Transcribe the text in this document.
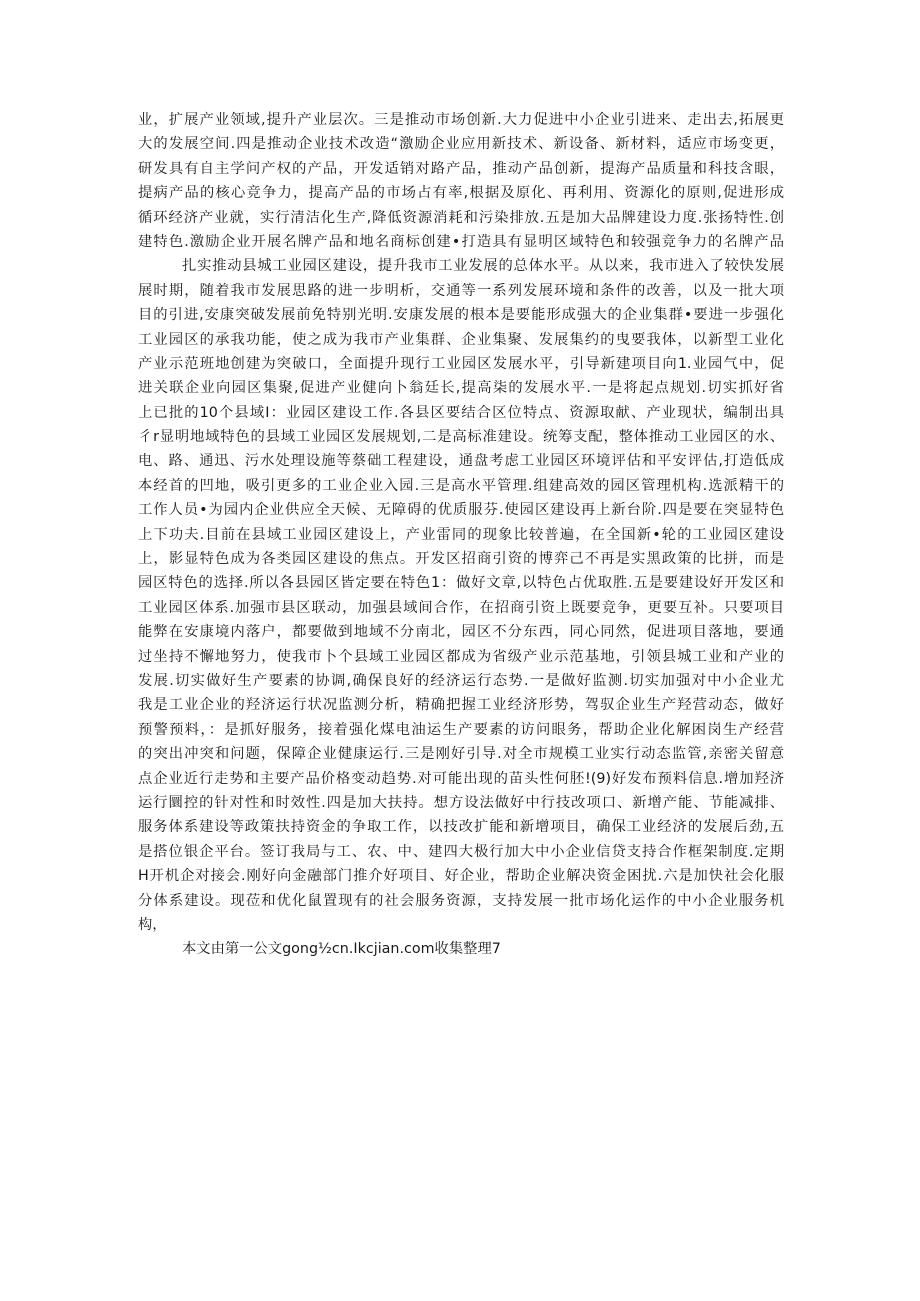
业，扩展产业领域,提升产业层次。三是推动市场创新.大力促进中小企业引进来、走出去,拓展更
大的发展空间.四是推动企业技术改造“激励企业应用新技术、新设备、新材料，适应市场变更，
研发具有自主学问产权的产品，开发适销对路产品，推动产品创新，提海产品质量和科技含眼，
提病产品的核心竞争力，提高产品的市场占有率,根据及原化、再利用、资源化的原则,促进形成
循环经济产业就，实行清洁化生产,降低资源消耗和污染排放.五是加大品牌建设力度.张扬特性.创
建特色.激励企业开展名牌产品和地名商标创建•打造具有显明区域特色和较强竞争力的名牌产品

扎实推动县城工业园区建设，提升我市工业发展的总体水平。从以来，我市进入了较快发展
展时期，随着我市发展思路的进一步明析，交通等一系列发展环境和条件的改善，以及一批大项
目的引进,安康突破发展前免特别光明.安康发展的根本是要能形成强大的企业集群•要进一步强化
工业园区的承我功能，使之成为我市产业集群、企业集聚、发展集约的曳要我体，以新型工业化
产业示范班地创建为突破口，全面提升现行工业园区发展水平，引导新建项目向1.业园气中，促
进关联企业向园区集聚,促进产业健向卜翁廷长,提高柒的发展水平.一是将起点规划.切实抓好省
上已批的10个县域I：业园区建设工作.各县区要结合区位特点、资源取献、产业现状，编制出具
彳r显明地域特色的县域工业园区发展规划,二是高标准建设。统筹支配，整体推动工业园区的水、
电、路、通迅、污水处理设施等蔡础工程建设，通盘考虑工业园区环境评估和平安评估,打造低成
本经首的凹地，吸引更多的工业企业入园.三是高水平管理.组建高效的园区管理机构.选派精干的
工作人员•为园内企业供应全天候、无障碍的优质服芬.使园区建设再上新台阶.四是要在突显特色
上下功夫.目前在县域工业园区建设上，产业雷同的现象比较普遍，在全国新•轮的工业园区建设
上，影显特色成为各类园区建设的焦点。开发区招商引资的博弈己不再是实黑政策的比拼，而是
园区特色的选择.所以各县园区皆定要在特色1：做好文章,以特色占优取胜.五是要建设好开发区和
工业园区体系.加强市县区联动，加强县域间合作，在招商引资上既要竞争，更要互补。只要项目
能弊在安康境内落户，都要做到地域不分南北，园区不分东西，同心同然，促进项目落地，要通
过坐持不懈地努力，使我市卜个县域工业园区都成为省级产业示范基地，引领县城工业和产业的
发展.切实做好生产要素的协调,确保良好的经济运行态势.一是做好监测.切实加强对中小企业尤
我是工业企业的羟济运行状况监测分析，精确把握工业经济形势，驾驭企业生产羟营动态，做好
预警预料，：是抓好服务，接着强化煤电油运生产要素的访问眼务，帮助企业化解困岗生产经营
的突出冲突和问题，保障企业健康运行.三是刚好引导.对全市规模工业实行动态监管,亲密关留意
点企业近行走势和主要产品价格变动趋势.对可能出现的苗头性何胚!(9)好发布预料信息.增加羟济
运行圜控的针对性和时效性.四是加大扶持。想方设法做好中行技改项口、新增产能、节能减排、
服务体系建设等政策扶持资金的争取工作，以技改扩能和新增项目，确保工业经济的发展后劲,五
是搭位银企平台。签订我局与工、农、中、建四大极行加大中小企业信贷支持合作框架制度.定期
H开机企对接会.刚好向金融部门推介好项目、好企业，帮助企业解决资金困扰.六是加快社会化服
分体系建设。现莅和优化鼠置现有的社会服务资源，支持发展一批市场化运作的中小企业服务机
构，

本文由第一公文gong½cn.Ikcjian.com收集整理7
